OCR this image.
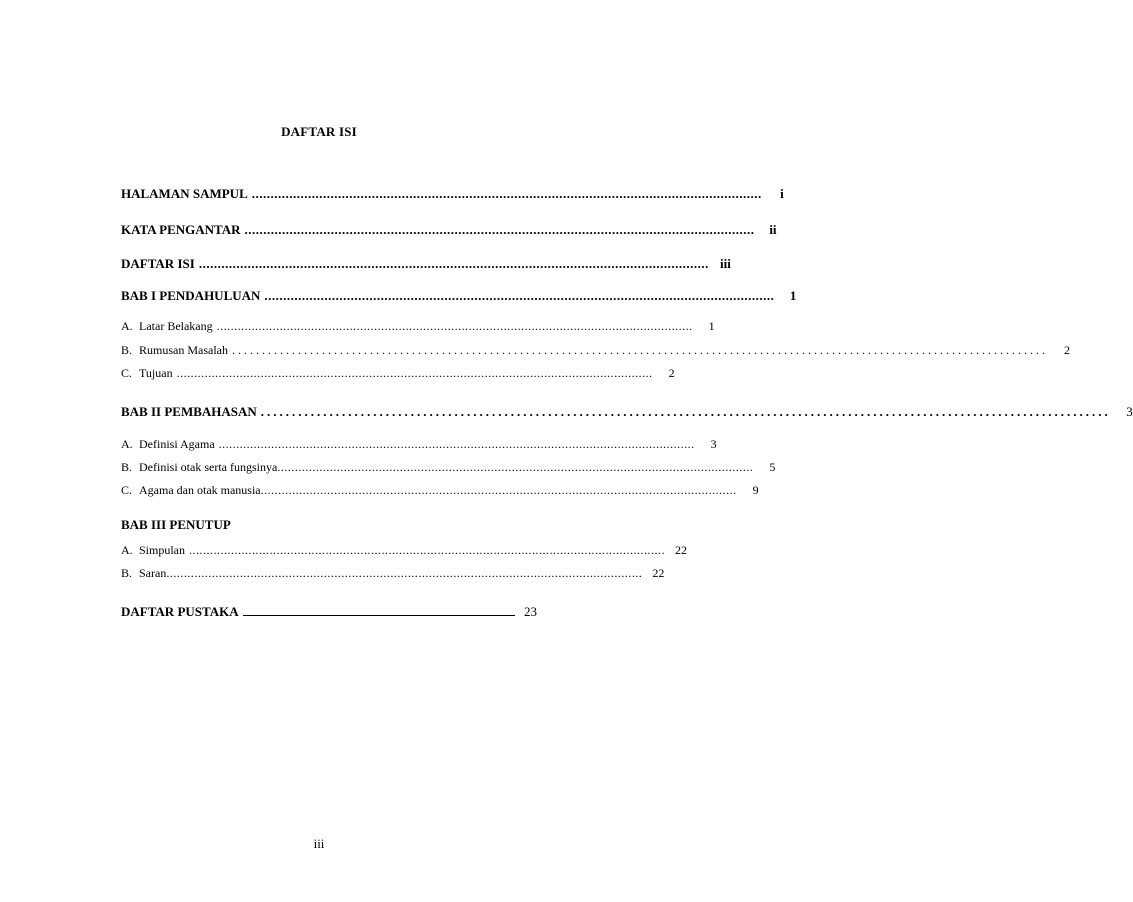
DAFTAR ISI
HALAMAN SAMPUL ........................................................................................................................................	i
KATA PENGANTAR ........................................................................................................................................	ii
DAFTAR ISI ........................................................................................................................................ iii
BAB I PENDAHULUAN ........................................................................................................................................	1
A. Latar Belakang ........................................................................................................................................	1
B. Rumusan Masalah ........................................................................................................................................	2
C. Tujuan ........................................................................................................................................	2
BAB II PEMBAHASAN ........................................................................................................................................	3
A. Definisi Agama ........................................................................................................................................	3
B. Definisi otak serta fungsinya ........................................................................................................................................	5
C. Agama dan otak manusia ........................................................................................................................................	9
BAB III PENUTUP
A. Simpulan ........................................................................................................................................ 22
B. Saran ........................................................................................................................................ 22
DAFTAR PUSTAKA	23
iii
